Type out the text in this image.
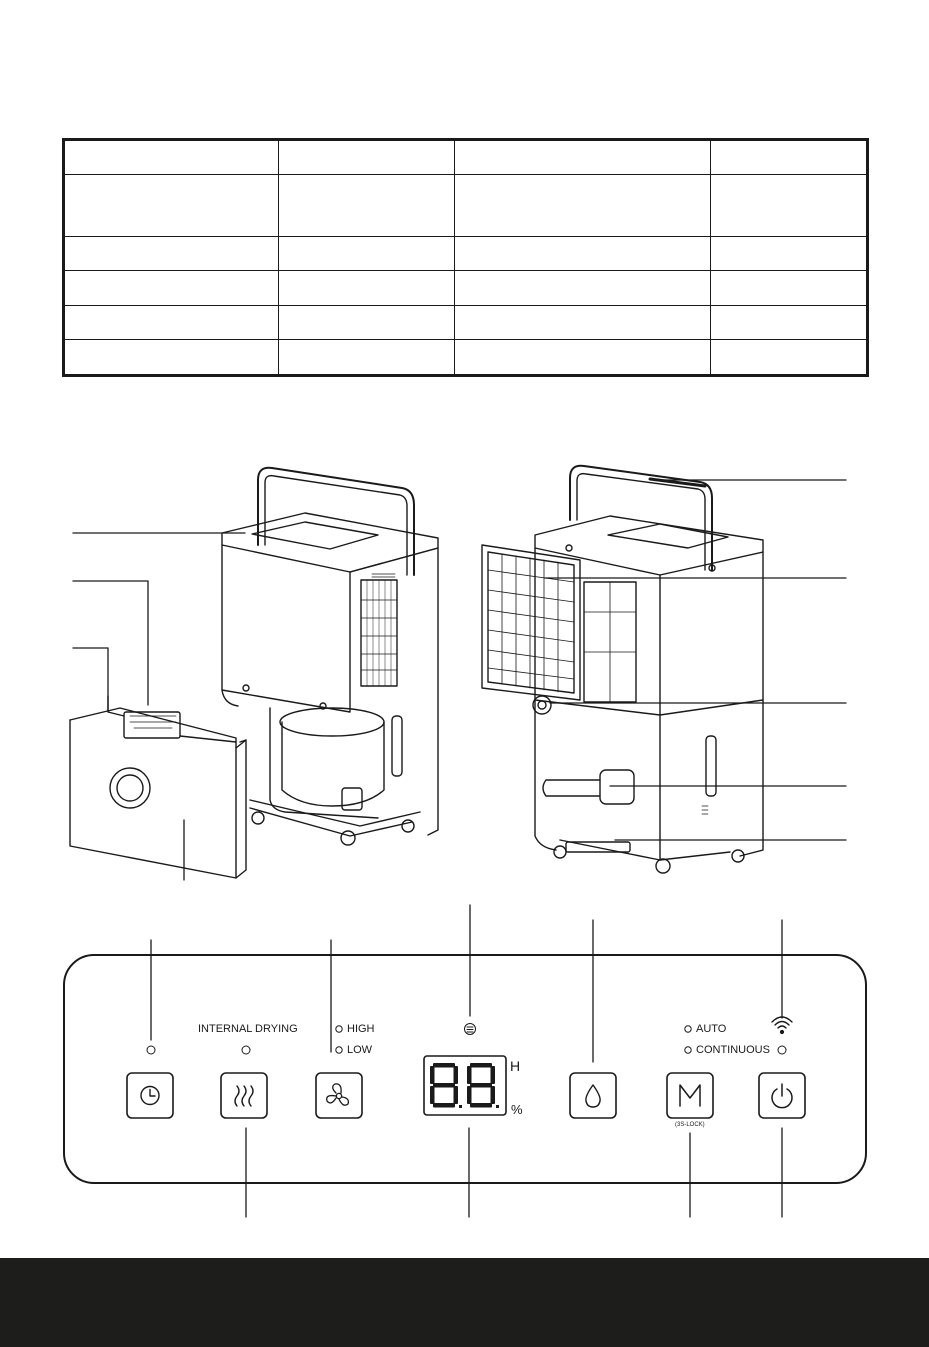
INTERNAL DRYING	HIGH
LOW
AUTO
CONTINUOUS
(3S-LOCK)
H
%
